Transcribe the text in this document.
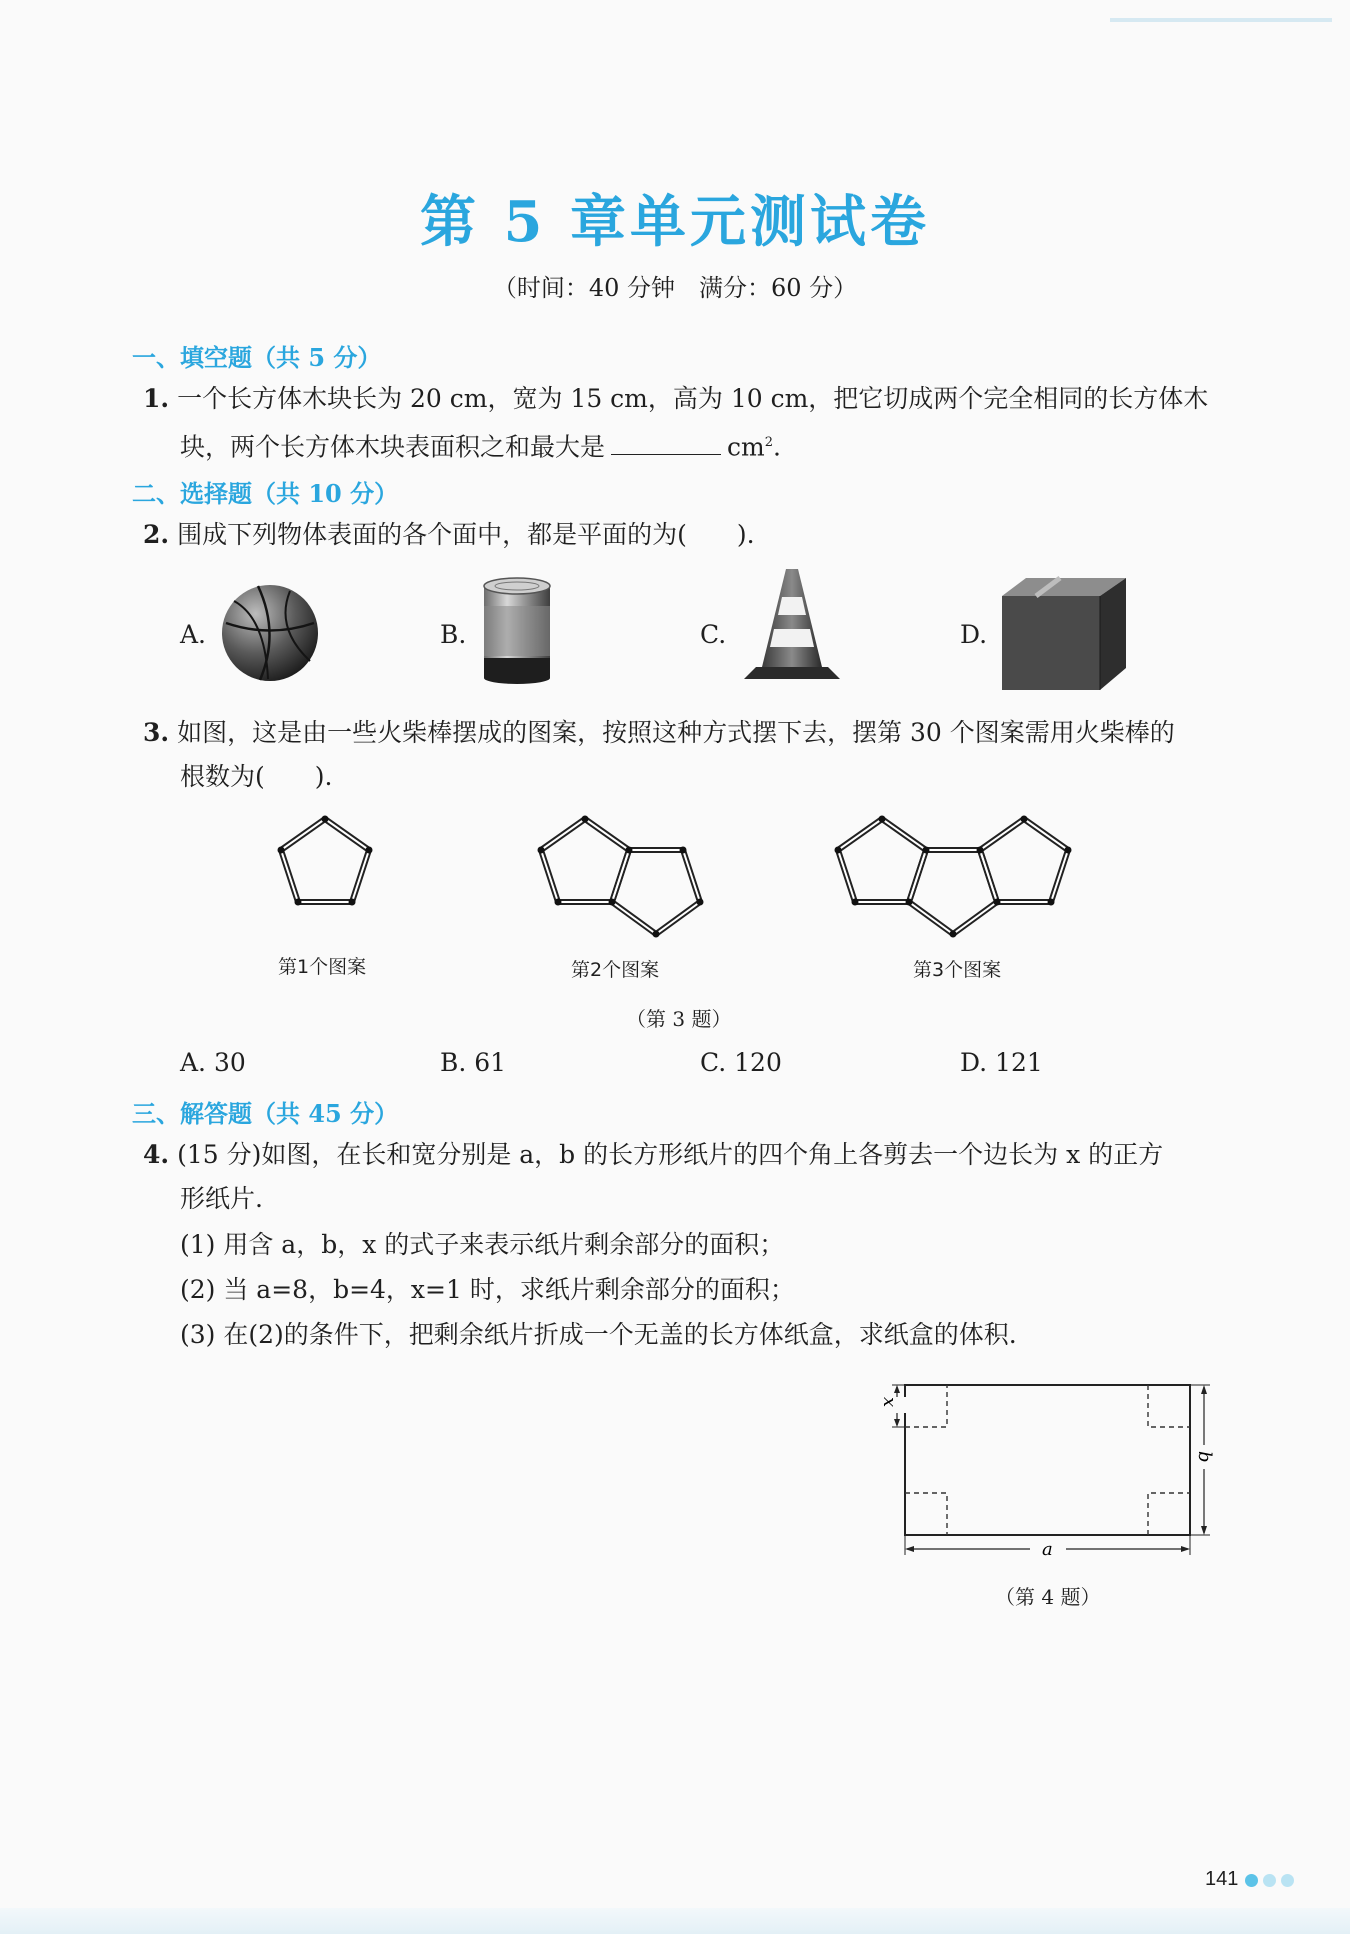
第 5 章单元测试卷
（时间：40 分钟　满分：60 分）
一、填空题（共 5 分）
1. 一个长方体木块长为 20 cm，宽为 15 cm，高为 10 cm，把它切成两个完全相同的长方体木
块，两个长方体木块表面积之和最大是	$cm^2$.
二、选择题（共 10 分）
2. 围成下列物体表面的各个面中，都是平面的为(　　).
A.	B.	C.	D.
3. 如图，这是由一些火柴棒摆成的图案，按照这种方式摆下去，摆第 30 个图案需用火柴棒的
根数为(　　).
第1个图案	第2个图案	第3个图案
（第 3 题）
A. 30	B. 61	C. 120	D. 121
三、解答题（共 45 分）
4. (15 分)如图，在长和宽分别是 a，b 的长方形纸片的四个角上各剪去一个边长为 x 的正方
形纸片.
(1) 用含 a，b，x 的式子来表示纸片剩余部分的面积；
(2) 当 a=8，b=4，x=1 时，求纸片剩余部分的面积；
(3) 在(2)的条件下，把剩余纸片折成一个无盖的长方体纸盒，求纸盒的体积.
x
b
a
（第 4 题）
141
